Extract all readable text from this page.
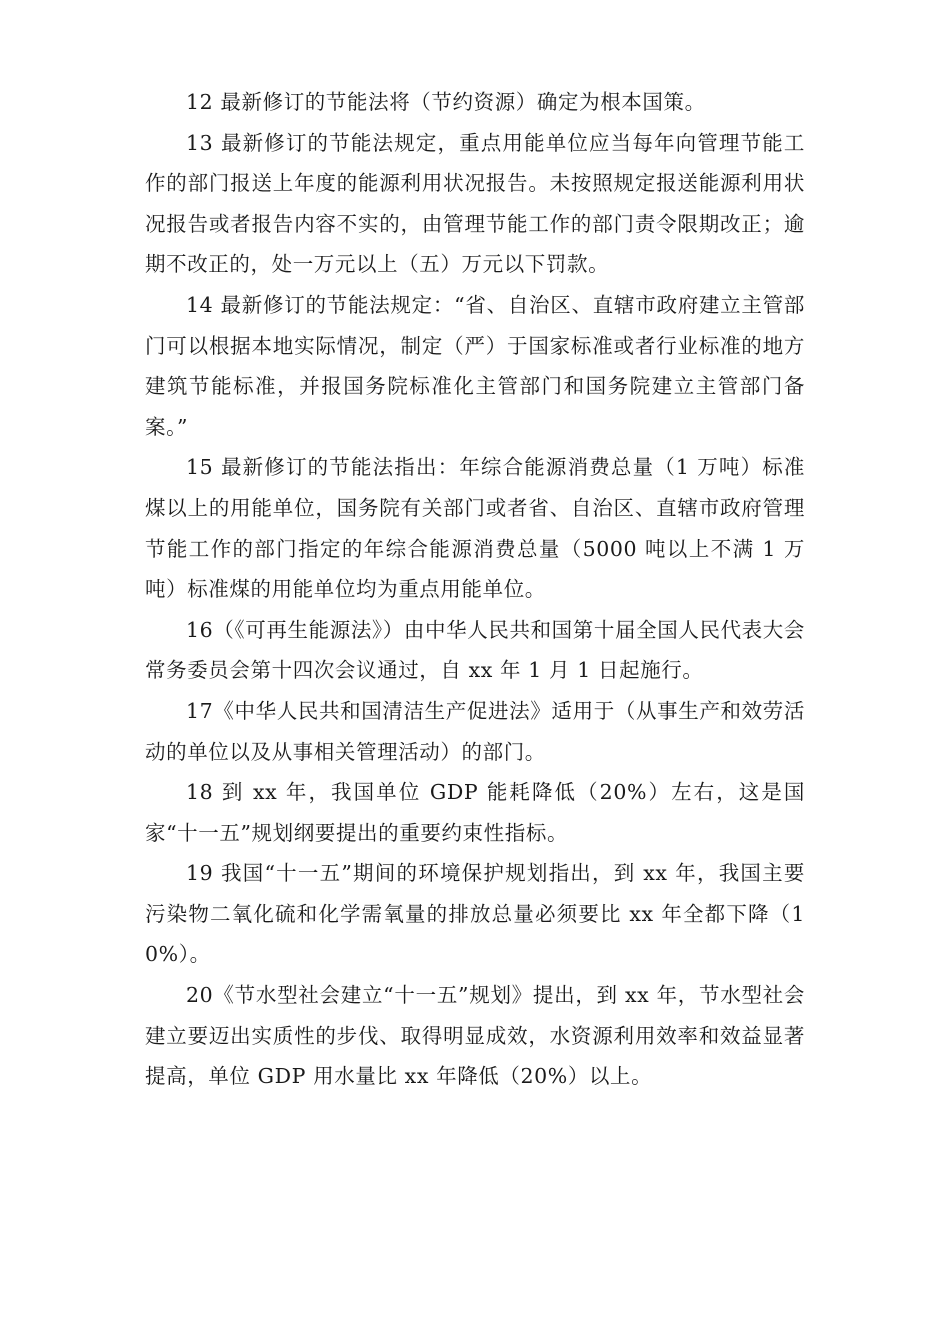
12 最新修订的节能法将（节约资源）确定为根本国策。

13 最新修订的节能法规定，重点用能单位应当每年向管理节能工作的部门报送上年度的能源利用状况报告。未按照规定报送能源利用状况报告或者报告内容不实的，由管理节能工作的部门责令限期改正；逾期不改正的，处一万元以上（五）万元以下罚款。

14 最新修订的节能法规定：“省、自治区、直辖市政府建立主管部门可以根据本地实际情况，制定（严）于国家标准或者行业标准的地方建筑节能标准，并报国务院标准化主管部门和国务院建立主管部门备案。”

15 最新修订的节能法指出：年综合能源消费总量（1 万吨）标准煤以上的用能单位，国务院有关部门或者省、自治区、直辖市政府管理节能工作的部门指定的年综合能源消费总量（5000 吨以上不满 1 万吨）标准煤的用能单位均为重点用能单位。

16（《可再生能源法》）由中华人民共和国第十届全国人民代表大会常务委员会第十四次会议通过，自 xx 年 1 月 1 日起施行。

17《中华人民共和国清洁生产促进法》适用于（从事生产和效劳活动的单位以及从事相关管理活动）的部门。

18 到 xx 年，我国单位 GDP 能耗降低（20%）左右，这是国家“十一五”规划纲要提出的重要约束性指标。

19 我国“十一五”期间的环境保护规划指出，到 xx 年，我国主要污染物二氧化硫和化学需氧量的排放总量必须要比 xx 年全都下降（10%）。

20《节水型社会建立“十一五”规划》提出，到 xx 年，节水型社会建立要迈出实质性的步伐、取得明显成效，水资源利用效率和效益显著提高，单位 GDP 用水量比 xx 年降低（20%）以上。
